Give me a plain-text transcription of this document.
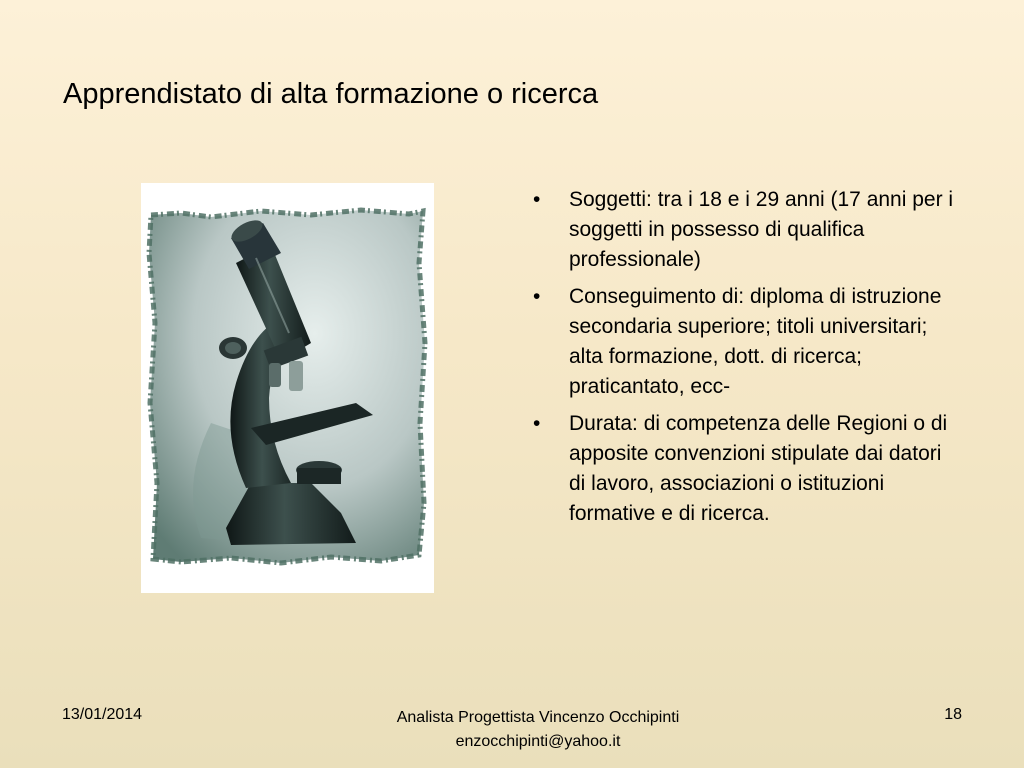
Apprendistato di alta formazione o ricerca
•	Soggetti: tra i 18 e i 29 anni (17 anni per i soggetti in possesso di qualifica professionale)
•	Conseguimento di: diploma di istruzione secondaria superiore; titoli universitari; alta formazione, dott. di ricerca; praticantato, ecc-
•	Durata: di competenza delle Regioni o di apposite convenzioni stipulate dai datori di lavoro, associazioni o istituzioni formative e di ricerca.
13/01/2014	Analista Progettista Vincenzo Occhipinti
enzocchipinti@yahoo.it
18
